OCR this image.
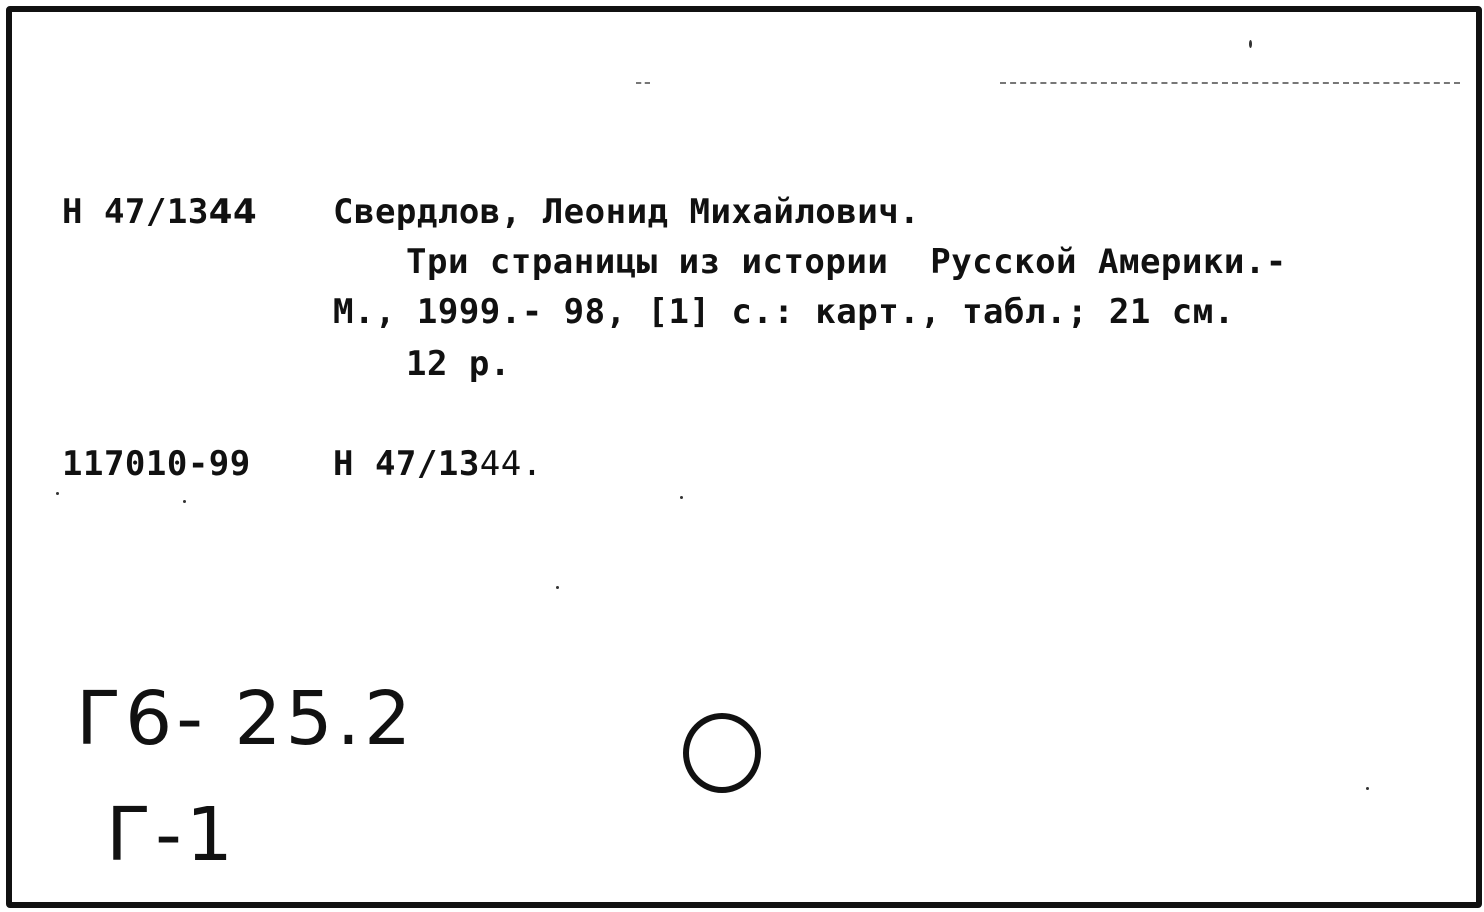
Н 47/1344 Свердлов, Леонид Михайлович.
Три страницы из истории  Русской Америки.-
М., 1999.- 98, [1] с.: карт., табл.; 21 см.
12 р.
117010-99 Н 47/1344.
Г6- 25.2
Г-1
